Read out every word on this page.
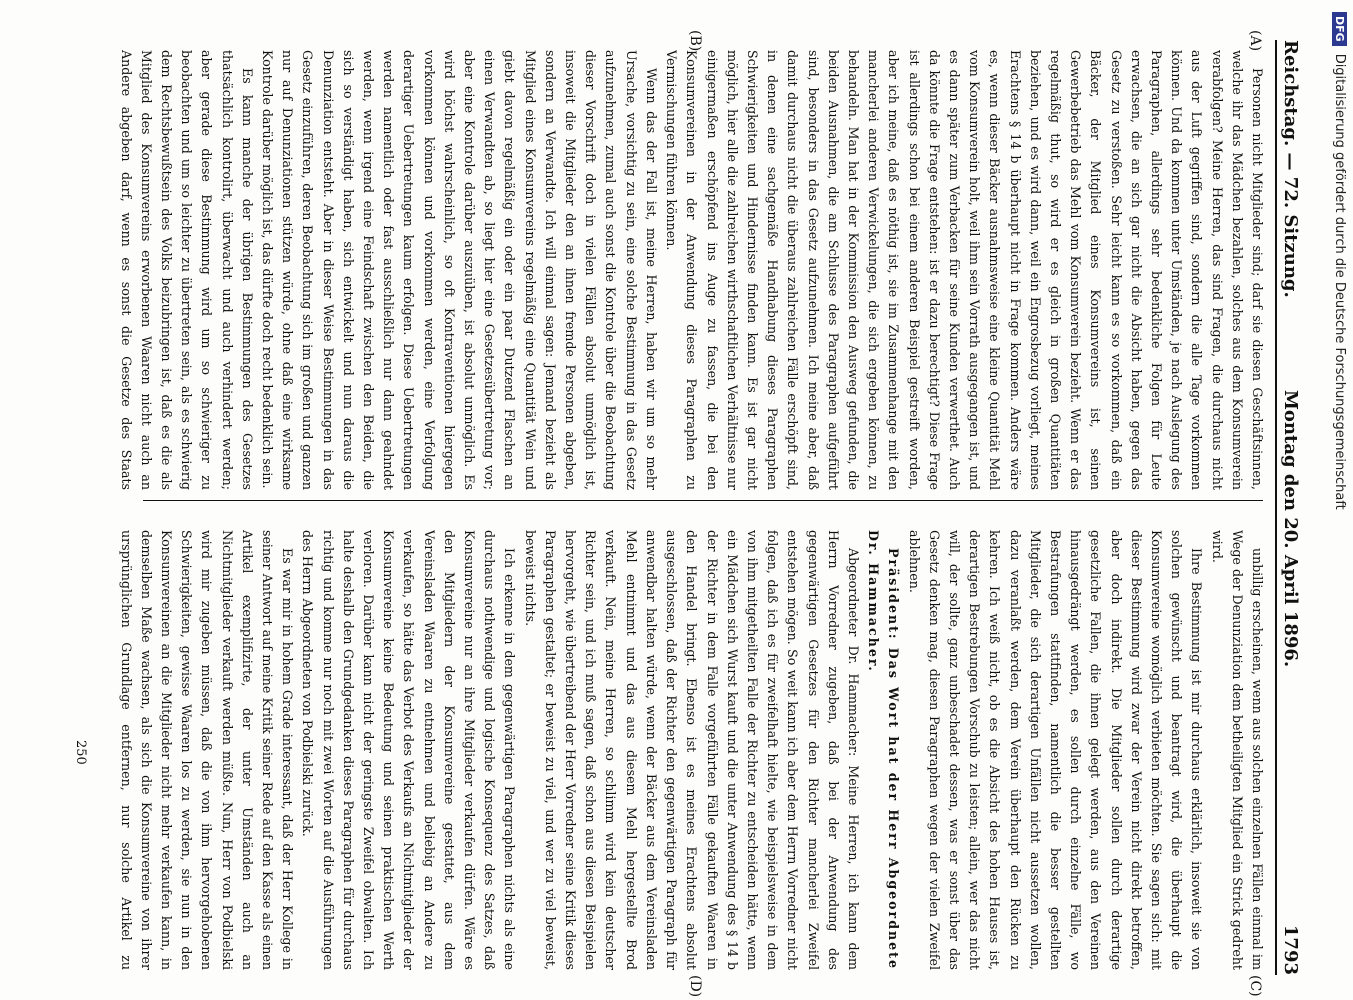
DFG
Digitalisierung gefördert durch die Deutsche Forschungsgemeinschaft
Reichstag. — 72. Sitzung.
Montag den 20. April 1896.
1793
(A)
(B)
(C)
(D)

Personen nicht Mitglieder sind; darf sie diesen Geschäftsinnen, welche ihr das Mädchen bezahlen, solches aus dem Konsumverein verabfolgen? Meine Herren, das sind Fragen, die durchaus nicht aus der Luft gegriffen sind, sondern die alle Tage vorkommen können. Und da kommen unter Umständen, je nach Auslegung des Paragraphen, allerdings sehr bedenkliche Folgen für Leute erwachsen, die an sich gar nicht die Absicht haben, gegen das Gesetz zu verstoßen. Sehr leicht kann es so vorkommen, daß ein Bäcker, der Mitglied eines Konsumvereins ist, seinen Gewerbebetrieb das Mehl vom Konsumverein bezieht. Wenn er das regelmäßig thut, so wird er es gleich in großen Quantitäten beziehen, und es wird dann, weil ein Engrosbezug vorliegt, meines Erachtens § 14 b überhaupt nicht in Frage kommen. Anders wäre es, wenn dieser Bäcker ausnahmsweise eine kleine Quantität Mehl vom Konsumverein holt, weil ihm sein Vorrath ausgegangen ist, und es dann später zum Verbacken für seine Kunden verwerthet. Auch da könnte die Frage entstehen: ist er dazu berechtigt? Diese Frage ist allerdings schon bei einem anderen Beispiel gestreift worden, aber ich meine, daß es nöthig ist, sie im Zusammenhange mit den mancherlei anderen Verwickelungen, die sich ergeben können, zu behandeln. Man hat in der Kommission den Ausweg gefunden, die beiden Ausnahmen, die am Schlusse des Paragraphen aufgeführt sind, besonders in das Gesetz aufzunehmen. Ich meine aber, daß damit durchaus nicht die überaus zahlreichen Fälle erschöpft sind, in denen eine sachgemäße Handhabung dieses Paragraphen Schwierigkeiten und Hindernisse finden kann. Es ist gar nicht möglich, hier alle die zahlreichen wirthschaftlichen Verhältnisse nur einigermaßen erschöpfend ins Auge zu fassen, die bei den Konsumvereinen in der Anwendung dieses Paragraphen zu Vermischungen führen können.

Wenn das der Fall ist, meine Herren, haben wir um so mehr Ursache, vorsichtig zu sein, eine solche Bestimmung in das Gesetz aufzunehmen, zumal auch sonst die Kontrole über die Beobachtung dieser Vorschrift doch in vielen Fällen absolut unmöglich ist, insoweit die Mitglieder den an ihnen fremde Personen abgeben, sondern an Verwandte. Ich will einmal sagen: Jemand bezieht als Mitglied eines Konsumvereins regelmäßig eine Quantität Wein und giebt davon regelmäßig ein oder ein paar Dutzend Flaschen an einen Verwandten ab, so liegt hier eine Gesetzesübertretung vor; aber eine Kontrole darüber auszuüben, ist absolut unmöglich. Es wird höchst wahrscheinlich, so oft Kontraventionen hiergegen vorkommen können und vorkommen werden, eine Verfolgung derartiger Uebertretungen kaum erfolgen. Diese Uebertretungen werden namentlich oder fast ausschließlich nur dann geahndet werden, wenn irgend eine Feindschaft zwischen den Beiden, die sich so verständigt haben, sich entwickelt und nun daraus die Denunziation entsteht. Aber in dieser Weise Bestimmungen in das Gesetz einzuführen, deren Beobachtung sich im großen und ganzen nur auf Denunziationen stützen würde, ohne daß eine wirksame Kontrole darüber möglich ist, das dürfte doch recht bedenklich sein.

Es kann manche der übrigen Bestimmungen des Gesetzes thatsächlich kontrolirt, überwacht und auch verhindert werden; aber gerade diese Bestimmung wird um so schwieriger zu beobachten und um so leichter zu übertreten sein, als es schwierig dem Rechtsbewußtsein des Volks beizubringen ist, daß es die als Mitglied des Konsumvereins erworbenen Waaren nicht auch an Andere abgeben darf, wenn es sonst die Gesetze des Staats

unbillig erscheinen, wenn aus solchen einzelnen Fällen einmal im Wege der Denunziation dem betheiligten Mitglied ein Strick gedreht wird.

Ihre Bestimmung ist mir durchaus erklärlich, insoweit sie von solchen gewünscht und beantragt wird, die überhaupt die Konsumvereine womöglich verbieten möchten. Sie sagen sich: mit dieser Bestimmung wird zwar der Verein nicht direkt betroffen, aber doch indirekt. Die Mitglieder sollen durch derartige gesetzliche Fallen, die ihnen gelegt werden, aus den Vereinen hinausgedrängt werden, es sollen durch einzelne Fälle, wo Bestrafungen stattfinden, namentlich die besser gestellten Mitglieder, die sich derartigen Unfällen nicht aussetzen wollen, dazu veranlaßt werden, dem Verein überhaupt den Rücken zu kehren. Ich weiß nicht, ob es die Absicht des hohen Hauses ist, derartigen Bestrebungen Vorschub zu leisten; allein, wer das nicht will, der sollte, ganz unbeschadet dessen, was er sonst über das Gesetz denken mag, diesen Paragraphen wegen der vielen Zweifel ablehnen.

Präsident: Das Wort hat der Herr Abgeordnete Dr. Hammacher.

Abgeordneter Dr. Hammacher: Meine Herren, ich kann dem Herrn Vorredner zugeben, daß bei der Anwendung des gegenwärtigen Gesetzes für den Richter mancherlei Zweifel entstehen mögen. So weit kann ich aber dem Herrn Vorredner nicht folgen, daß ich es für zweifelhaft hielte, wie beispielsweise in dem von ihm mitgetheilten Falle der Richter zu entscheiden hätte, wenn ein Mädchen sich Wurst kauft und die unter Anwendung des § 14 b der Richter in dem Falle vorgeführten Fälle gekauften Waaren in den Handel bringt. Ebenso ist es meines Erachtens absolut ausgeschlossen, daß der Richter den gegenwärtigen Paragraph für anwendbar halten würde, wenn der Bäcker aus dem Vereinsladen Mehl entnimmt und das aus diesem Mehl hergestellte Brod verkauft. Nein, meine Herren, so schlimm wird kein deutscher Richter sein, und ich muß sagen, daß schon aus diesen Beispielen hervorgeht, wie übertreibend der Herr Vorredner seine Kritik dieses Paragraphen gestaltet; er beweist zu viel, und wer zu viel beweist, beweist nichts.

Ich erkenne in dem gegenwärtigen Paragraphen nichts als eine durchaus nothwendige und logische Konsequenz des Satzes, daß Konsumvereine nur an ihre Mitglieder verkaufen dürfen. Wäre es den Mitgliedern der Konsumvereine gestattet, aus dem Vereinsladen Waaren zu entnehmen und beliebig an Andere zu verkaufen, so hätte das Verbot des Verkaufs an Nichtmitglieder der Konsumvereine keine Bedeutung und seinen praktischen Werth verloren. Darüber kann nicht der geringste Zweifel obwalten. Ich halte deshalb den Grundgedanken dieses Paragraphen für durchaus richtig und komme nur noch mit zwei Worten auf die Ausführungen des Herrn Abgeordneten von Podbielski zurück.

Es war mir in hohem Grade interessant, daß der Herr Kollege in seiner Antwort auf meine Kritik seiner Rede auf den Kasse als einen Artikel exemplifizirte, der unter Umständen auch an Nichtmitglieder verkauft werden müßte. Nun, Herr von Podbielski wird mir zugeben müssen, daß die von ihm hervorgehobenen Schwierigkeiten, gewisse Waaren los zu werden, sie nun in den Konsumvereinen an die Mitglieder nicht mehr verkaufen kann, in demselben Maße wachsen, als sich die Konsumvereine von ihrer ursprünglichen Grundlage entfernen, nur solche Artikel zu

250
